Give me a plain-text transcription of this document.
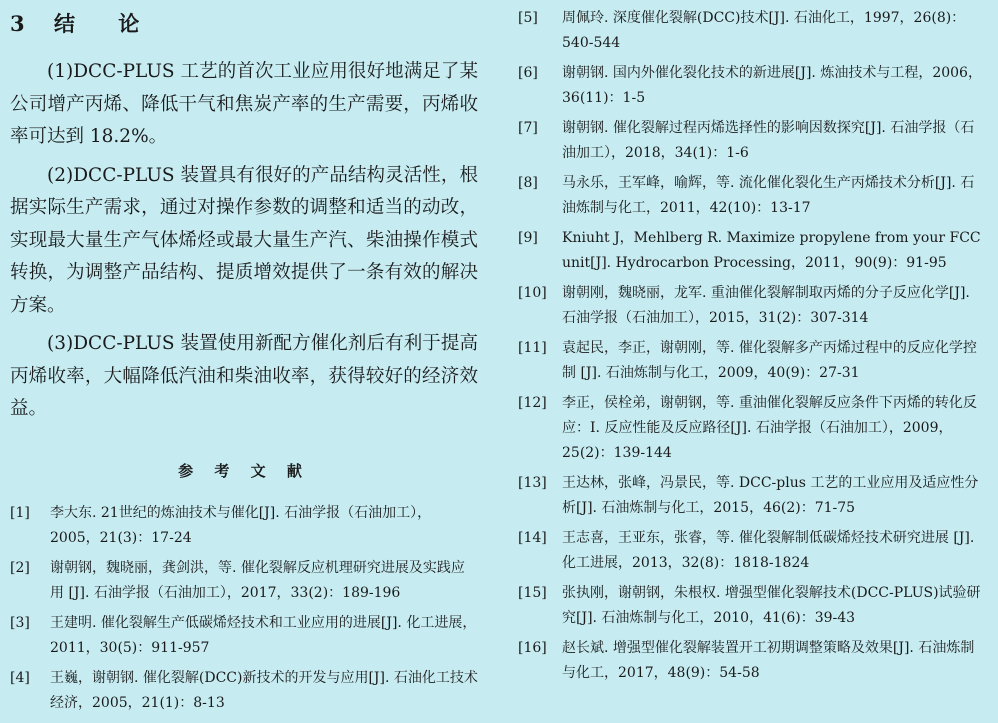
3 结 论

(1)DCC-PLUS 工艺的首次工业应用很好地满足了某公司增产丙烯、降低干气和焦炭产率的生产需要，丙烯收率可达到 18.2%。

(2)DCC-PLUS 装置具有很好的产品结构灵活性，根据实际生产需求，通过对操作参数的调整和适当的动改，实现最大量生产气体烯烃或最大量生产汽、柴油操作模式转换，为调整产品结构、提质增效提供了一条有效的解决方案。

(3)DCC-PLUS 装置使用新配方催化剂后有利于提高丙烯收率，大幅降低汽油和柴油收率，获得较好的经济效益。

参 考 文 献
[1]	李大东. 21世纪的炼油技术与催化[J]. 石油学报（石油加工），2005，21(3)：17-24
[2]	谢朝钢，魏晓丽，龚剑洪，等. 催化裂解反应机理研究进展及实践应用 [J]. 石油学报（石油加工），2017，33(2)：189-196
[3]	王建明. 催化裂解生产低碳烯烃技术和工业应用的进展[J]. 化工进展，2011，30(5)：911-957
[4]	王巍，谢朝钢. 催化裂解(DCC)新技术的开发与应用[J]. 石油化工技术经济，2005，21(1)：8-13
[5]	周佩玲. 深度催化裂解(DCC)技术[J]. 石油化工，1997，26(8)：540-544
[6]	谢朝钢. 国内外催化裂化技术的新进展[J]. 炼油技术与工程，2006，36(11)：1-5
[7]	谢朝钢. 催化裂解过程丙烯选择性的影响因数探究[J]. 石油学报（石油加工），2018，34(1)：1-6
[8]	马永乐，王军峰，喻辉，等. 流化催化裂化生产丙烯技术分析[J]. 石油炼制与化工，2011，42(10)：13-17
[9]	Kniuht J，Mehlberg R. Maximize propylene from your FCC unit[J]. Hydrocarbon Processing，2011，90(9)：91-95
[10]	谢朝刚，魏晓丽，龙军. 重油催化裂解制取丙烯的分子反应化学[J]. 石油学报（石油加工），2015，31(2)：307-314
[11]	袁起民，李正，谢朝刚，等. 催化裂解多产丙烯过程中的反应化学控制 [J]. 石油炼制与化工，2009，40(9)：27-31
[12]	李正，侯栓弟，谢朝钢，等. 重油催化裂解反应条件下丙烯的转化反应：Ⅰ. 反应性能及反应路径[J]. 石油学报（石油加工），2009，25(2)：139-144
[13]	王达林，张峰，冯景民，等. DCC-plus 工艺的工业应用及适应性分析[J]. 石油炼制与化工，2015，46(2)：71-75
[14]	王志喜，王亚东，张睿，等. 催化裂解制低碳烯烃技术研究进展 [J]. 化工进展，2013，32(8)：1818-1824
[15]	张执刚，谢朝钢，朱根权. 增强型催化裂解技术(DCC-PLUS)试验研究[J]. 石油炼制与化工，2010，41(6)：39-43
[16]	赵长斌. 增强型催化裂解装置开工初期调整策略及效果[J]. 石油炼制与化工，2017，48(9)：54-58
